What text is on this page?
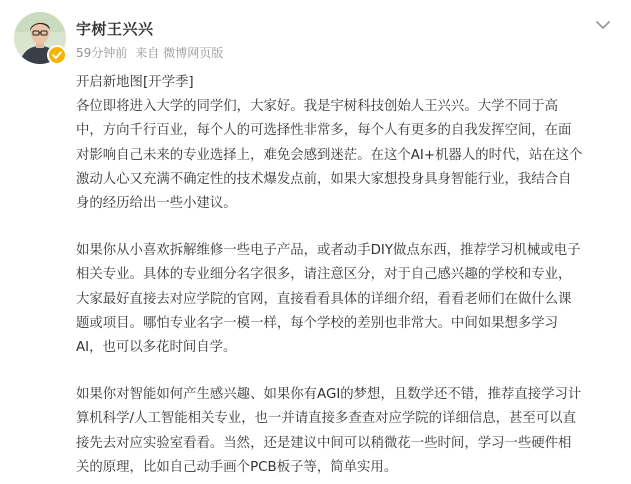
宇树王兴兴
59分钟前 来自 微博网页版

开启新地图[开学季]

各位即将进入大学的同学们，大家好。我是宇树科技创始人王兴兴。大学不同于高

中，方向千行百业，每个人的可选择性非常多，每个人有更多的自我发挥空间，在面

对影响自己未来的专业选择上，难免会感到迷茫。在这个AI+机器人的时代，站在这个

激动人心又充满不确定性的技术爆发点前，如果大家想投身具身智能行业，我结合自

身的经历给出一些小建议。

如果你从小喜欢拆解维修一些电子产品，或者动手DIY做点东西，推荐学习机械或电子

相关专业。具体的专业细分名字很多，请注意区分，对于自己感兴趣的学校和专业，

大家最好直接去对应学院的官网，直接看看具体的详细介绍，看看老师们在做什么课

题或项目。哪怕专业名字一模一样，每个学校的差别也非常大。中间如果想多学习

AI，也可以多花时间自学。

如果你对智能如何产生感兴趣、如果你有AGI的梦想，且数学还不错，推荐直接学习计

算机科学/人工智能相关专业，也一并请直接多查查对应学院的详细信息，甚至可以直

接先去对应实验室看看。当然，还是建议中间可以稍微花一些时间，学习一些硬件相

关的原理，比如自己动手画个PCB板子等，简单实用。
